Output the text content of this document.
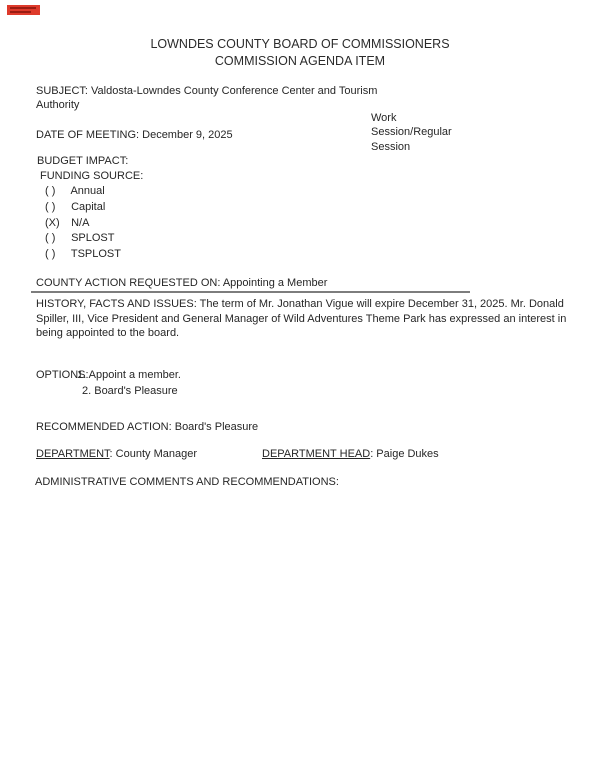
LOWNDES COUNTY BOARD OF COMMISSIONERS
COMMISSION AGENDA ITEM
SUBJECT: Valdosta-Lowndes County Conference Center and Tourism Authority
Work
Session/Regular
Session
DATE OF MEETING: December 9, 2025
BUDGET IMPACT:
FUNDING SOURCE:
( ) Annual
( ) Capital
(X) N/A
( ) SPLOST
( ) TSPLOST
COUNTY ACTION REQUESTED ON: Appointing a Member
HISTORY, FACTS AND ISSUES: The term of Mr. Jonathan Vigue will expire December 31, 2025. Mr. Donald Spiller, III, Vice President and General Manager of Wild Adventures Theme Park has expressed an interest in being appointed to the board.
OPTIONS:
1. Appoint a member.
2. Board's Pleasure
RECOMMENDED ACTION: Board's Pleasure
DEPARTMENT: County Manager	DEPARTMENT HEAD: Paige Dukes
ADMINISTRATIVE COMMENTS AND RECOMMENDATIONS:
